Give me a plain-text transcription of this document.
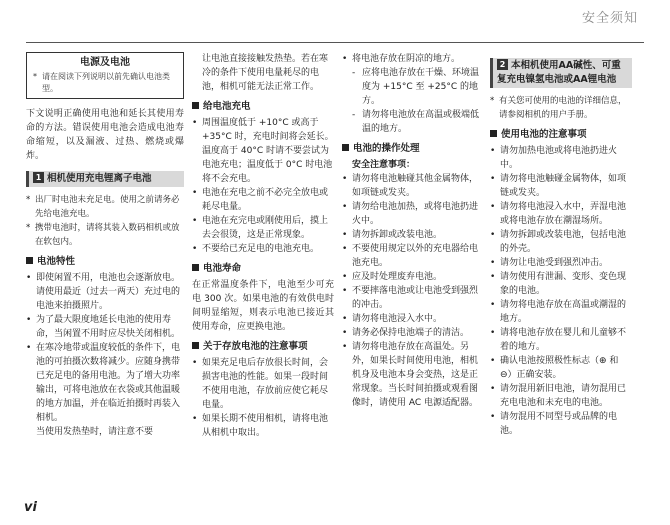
安全须知
电源及电池
* 请在阅读下列说明以前先确认电池类型。

下文说明正确使用电池和延长其使用寿命的方法。错误使用电池会造成电池寿命缩短，以及漏液、过热、燃烧或爆炸。

1 相机使用充电锂离子电池
* 出厂时电池未充足电。使用之前请务必先给电池充电。
* 携带电池时，请将其装入数码相机或放在软包内。
电池特性
• 即使闲置不用，电池也会逐渐放电。请使用最近（过去一两天）充过电的电池来拍摄照片。
• 为了最大限度地延长电池的使用寿命，当闲置不用时应尽快关闭相机。
• 在寒冷地带或温度较低的条件下，电池的可拍摄次数将减少。应随身携带已充足电的备用电池。为了增大功率输出，可将电池放在衣袋或其他温暖的地方加温，并在临近拍摄时再装入相机。
当使用发热垫时，请注意不要
让电池直接接触发热垫。若在寒冷的条件下使用电量耗尽的电池，相机可能无法正常工作。
给电池充电
• 周围温度低于 +10°C 或高于 +35°C 时，充电时间将会延长。温度高于 40°C 时请不要尝试为电池充电；温度低于 0°C 时电池将不会充电。
• 电池在充电之前不必完全放电或耗尽电量。
• 电池在充完电或刚使用后，摸上去会很烫，这是正常现象。
• 不要给已充足电的电池充电。
电池寿命

在正常温度条件下，电池至少可充电 300 次。如果电池的有效供电时间明显缩短，则表示电池已接近其使用寿命，应更换电池。

关于存放电池的注意事项
• 如果充足电后存放很长时间，会损害电池的性能。如果一段时间不使用电池，存放前应使它耗尽电量。
• 如果长期不使用相机，请将电池从相机中取出。
• 将电池存放在阴凉的地方。
- 应将电池存放在干燥、环境温度为 +15°C 至 +25°C 的地方。
- 请勿将电池放在高温或极端低温的地方。
电池的操作处理
安全注意事项：
• 请勿将电池触碰其他金属物体，如项链或发夹。
• 请勿给电池加热，或将电池扔进火中。
• 请勿拆卸或改装电池。
• 不要使用规定以外的充电器给电池充电。
• 应及时处理废弃电池。
• 不要摔落电池或让电池受到强烈的冲击。
• 请勿将电池浸入水中。
• 请务必保持电池端子的清洁。
• 请勿将电池存放在高温处。另外，如果长时间使用电池，相机机身及电池本身会变热，这是正常现象。当长时间拍摄或观看图像时，请使用 AC 电源适配器。
2 本相机使用AA碱性、可重复充电镍氢电池或AA锂电池
* 有关您可使用的电池的详细信息，请参阅相机的用户手册。
使用电池的注意事项
• 请勿加热电池或将电池扔进火中。
• 请勿将电池触碰金属物体，如项链或发夹。
• 请勿将电池浸入水中，弄湿电池或将电池存放在潮湿场所。
• 请勿拆卸或改装电池，包括电池的外壳。
• 请勿让电池受到强烈冲击。
• 请勿使用有泄漏、变形、变色现象的电池。
• 请勿将电池存放在高温或潮湿的地方。
• 请将电池存放在婴儿和儿童够不着的地方。
• 确认电池按照极性标志（⊕ 和 ⊖）正确安装。
• 请勿混用新旧电池，请勿混用已充电电池和未充电的电池。
• 请勿混用不同型号或品牌的电池。
vi
